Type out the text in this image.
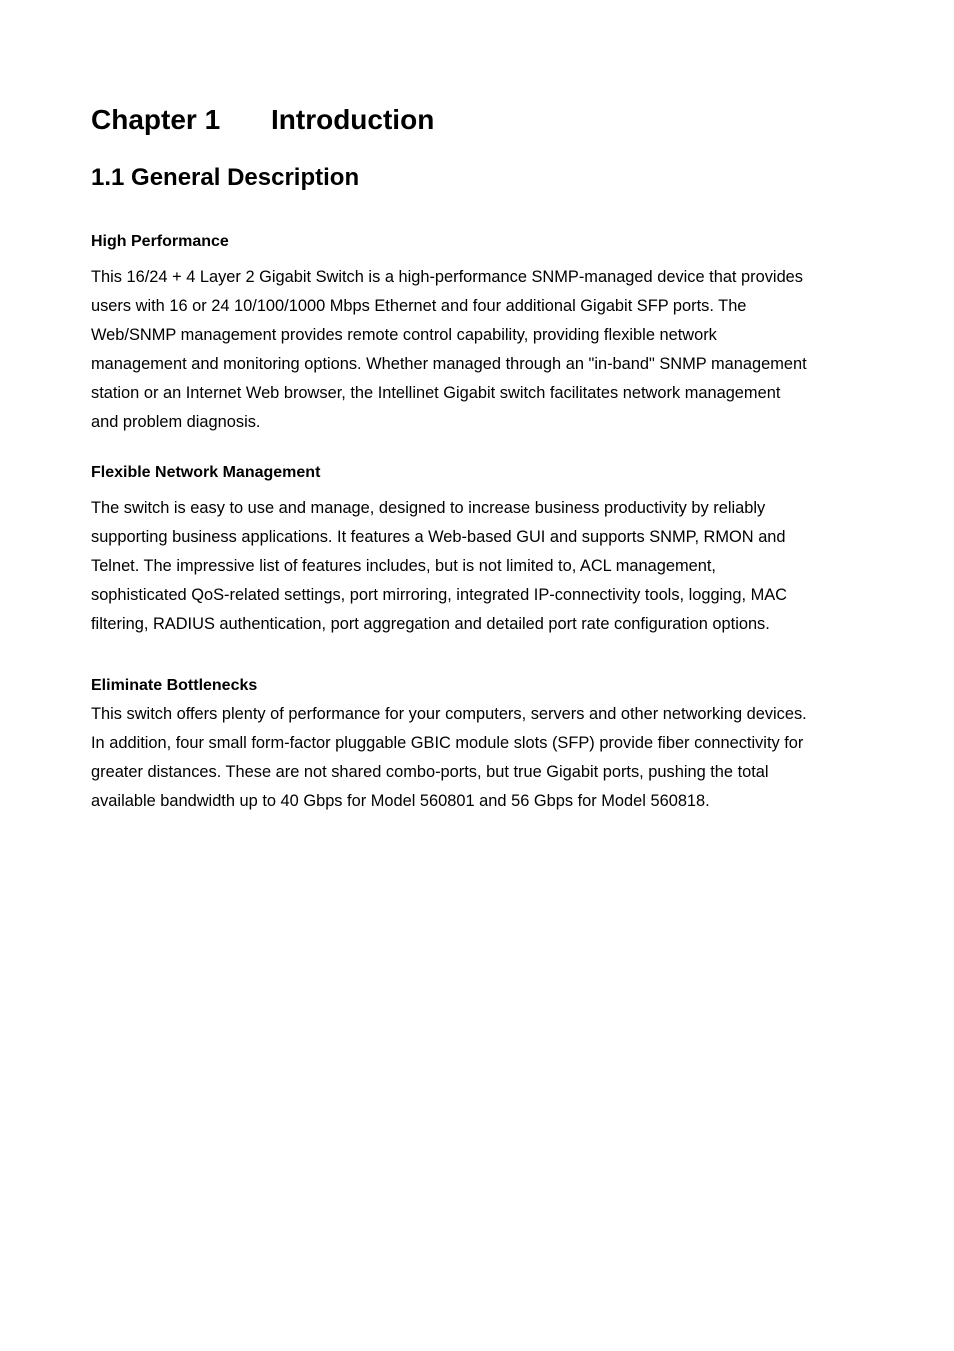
Chapter 1 Introduction
1.1 General Description
High Performance

This 16/24 + 4 Layer 2 Gigabit Switch is a high-performance SNMP-managed device that provides
users with 16 or 24 10/100/1000 Mbps Ethernet and four additional Gigabit SFP ports. The
Web/SNMP management provides remote control capability, providing flexible network
management and monitoring options. Whether managed through an "in-band" SNMP management
station or an Internet Web browser, the Intellinet Gigabit switch facilitates network management
and problem diagnosis.

Flexible Network Management

The switch is easy to use and manage, designed to increase business productivity by reliably
supporting business applications. It features a Web-based GUI and supports SNMP, RMON and
Telnet. The impressive list of features includes, but is not limited to, ACL management,
sophisticated QoS-related settings, port mirroring, integrated IP-connectivity tools, logging, MAC
filtering, RADIUS authentication, port aggregation and detailed port rate configuration options.

Eliminate Bottlenecks

This switch offers plenty of performance for your computers, servers and other networking devices.
In addition, four small form-factor pluggable GBIC module slots (SFP) provide fiber connectivity for
greater distances. These are not shared combo-ports, but true Gigabit ports, pushing the total
available bandwidth up to 40 Gbps for Model 560801 and 56 Gbps for Model 560818.
